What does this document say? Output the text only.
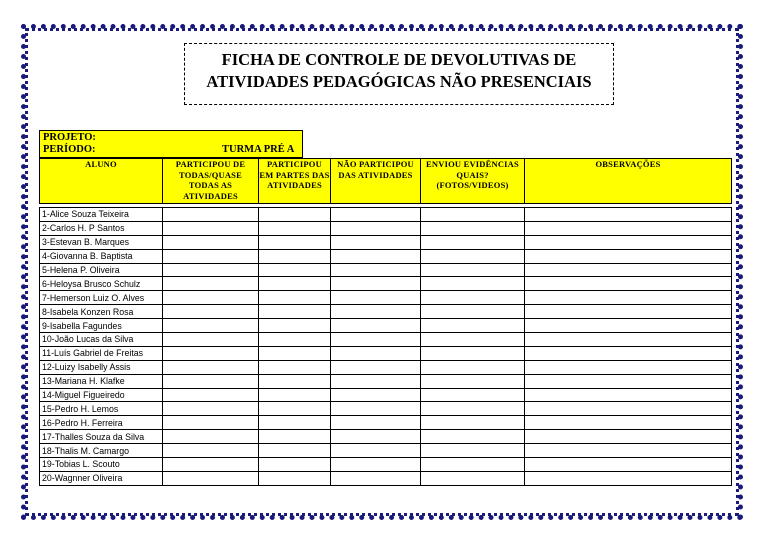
FICHA DE CONTROLE DE DEVOLUTIVAS DE
ATIVIDADES PEDAGÓGICAS NÃO PRESENCIAIS
PROJETO:
PERÍODO:	TURMA PRÉ A
ALUNO	PARTICIPOU DE TODAS/QUASE TODAS AS ATIVIDADES	PARTICIPOU EM PARTES DAS ATIVIDADES	NÃO PARTICIPOU DAS ATIVIDADES	ENVIOU EVIDÊNCIAS QUAIS? (FOTOS/VIDEOS)	OBSERVAÇÕES

1-Alice Souza Teixeira					
2-Carlos H. P Santos					
3-Estevan B. Marques					
4-Giovanna B. Baptista					
5-Helena P. Oliveira					
6-Heloysa Brusco Schulz					
7-Hemerson Luiz O. Alves					
8-Isabela Konzen Rosa					
9-Isabella Fagundes					
10-João Lucas da Silva					
11-Luís Gabriel de Freitas					
12-Luizy Isabelly Assis					
13-Mariana H. Klafke					
14-Miguel Figueiredo					
15-Pedro H. Lemos					
16-Pedro H. Ferreira					
17-Thalles Souza da Silva					
18-Thalis M. Camargo					
19-Tobias L. Scouto					
20-Wagnner Oliveira					
